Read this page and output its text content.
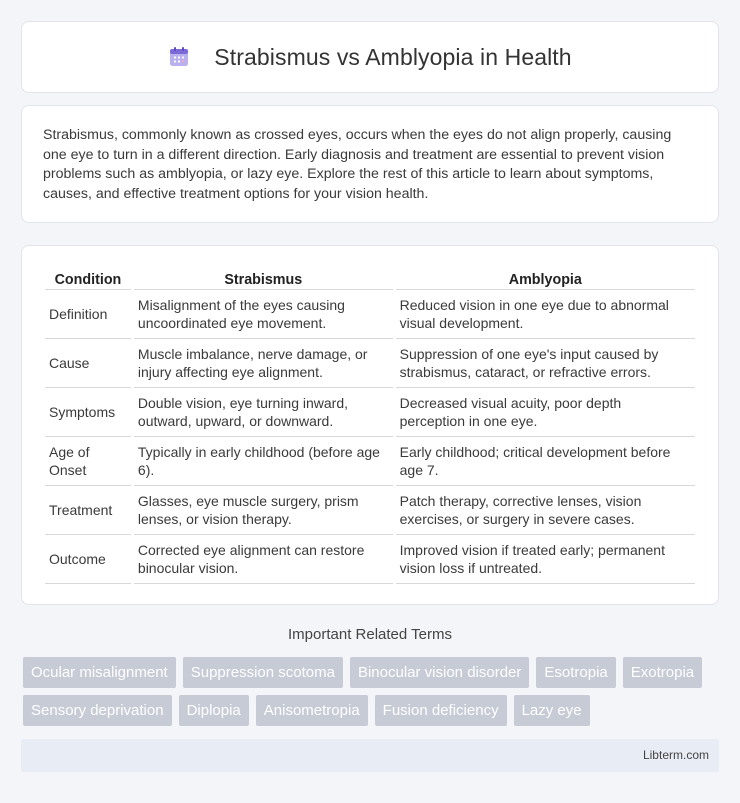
Strabismus vs Amblyopia in Health

Strabismus, commonly known as crossed eyes, occurs when the eyes do not align properly, causing one eye to turn in a different direction. Early diagnosis and treatment are essential to prevent vision problems such as amblyopia, or lazy eye. Explore the rest of this article to learn about symptoms, causes, and effective treatment options for your vision health.

Condition	Strabismus	Amblyopia
Definition	Misalignment of the eyes causing uncoordinated eye movement.	Reduced vision in one eye due to abnormal visual development.
Cause	Muscle imbalance, nerve damage, or injury affecting eye alignment.	Suppression of one eye's input caused by strabismus, cataract, or refractive errors.
Symptoms	Double vision, eye turning inward, outward, upward, or downward.	Decreased visual acuity, poor depth perception in one eye.
Age of Onset	Typically in early childhood (before age 6).	Early childhood; critical development before age 7.
Treatment	Glasses, eye muscle surgery, prism lenses, or vision therapy.	Patch therapy, corrective lenses, vision exercises, or surgery in severe cases.
Outcome	Corrected eye alignment can restore binocular vision.	Improved vision if treated early; permanent vision loss if untreated.
Important Related Terms
Ocular misalignment	Suppression scotoma	Binocular vision disorder	Esotropia	Exotropia
Sensory deprivation	Diplopia	Anisometropia	Fusion deficiency	Lazy eye
Libterm.com
